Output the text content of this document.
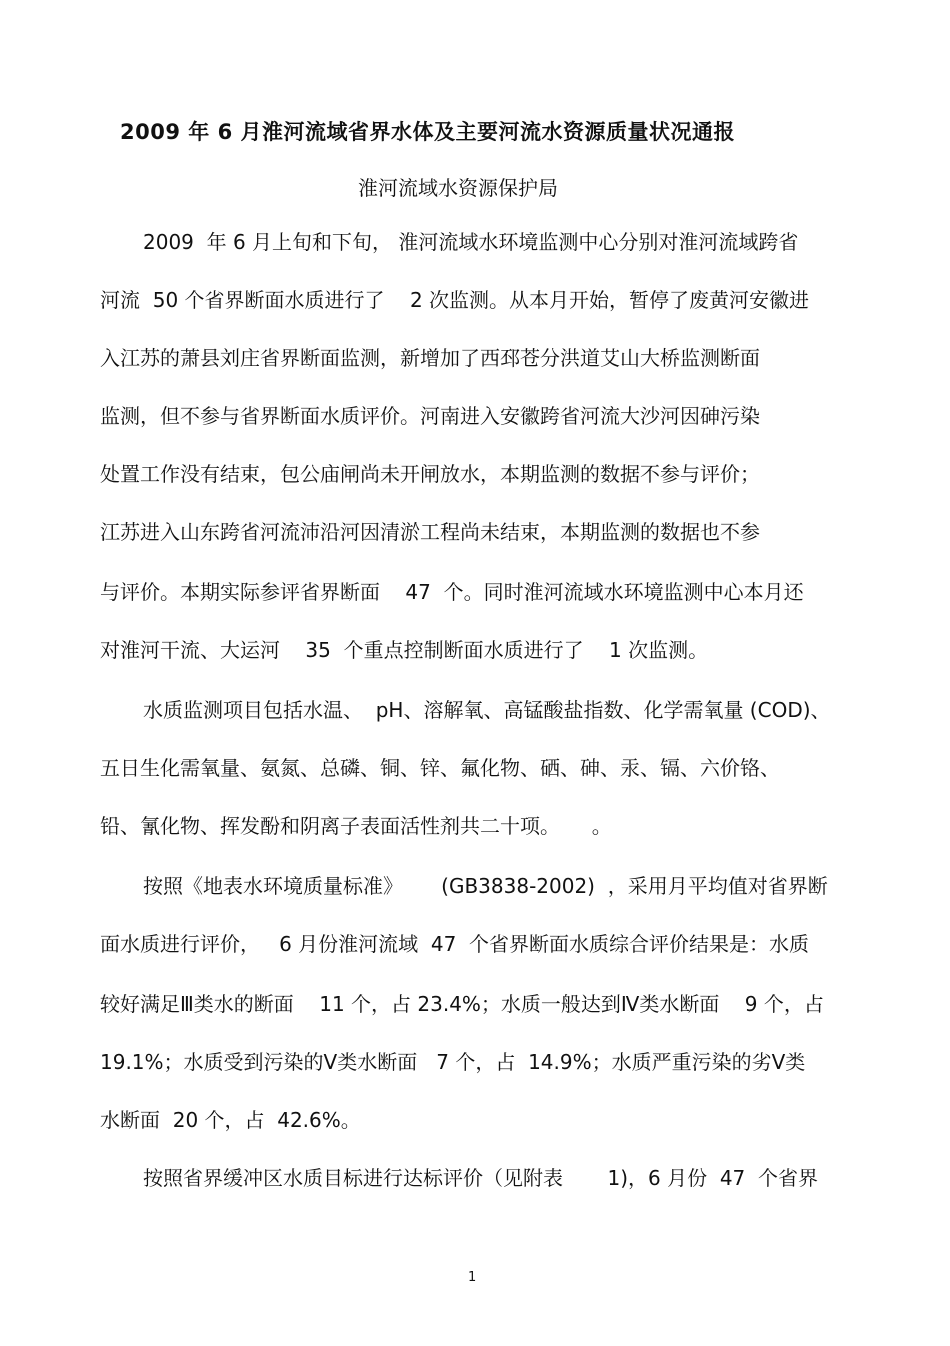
2009 年 6 月淮河流域省界水体及主要河流水资源质量状况通报
淮河流域水资源保护局
2009  年 6 月上旬和下旬， 淮河流域水环境监测中心分别对淮河流域跨省
河流  50 个省界断面水质进行了    2 次监测。从本月开始，暂停了废黄河安徽进
入江苏的萧县刘庄省界断面监测，新增加了西邳苍分洪道艾山大桥监测断面
监测，但不参与省界断面水质评价。河南进入安徽跨省河流大沙河因砷污染
处置工作没有结束，包公庙闸尚未开闸放水，本期监测的数据不参与评价；
江苏进入山东跨省河流沛沿河因清淤工程尚未结束，本期监测的数据也不参
与评价。本期实际参评省界断面    47  个。同时淮河流域水环境监测中心本月还
对淮河干流、大运河    35  个重点控制断面水质进行了    1 次监测。
水质监测项目包括水温、  pH、溶解氧、高锰酸盐指数、化学需氧量 (COD)、
五日生化需氧量、氨氮、总磷、铜、锌、氟化物、硒、砷、汞、镉、六价铬、
铅、氰化物、挥发酚和阴离子表面活性剂共二十项。     。
按照《地表水环境质量标准》      (GB3838-2002)  ，采用月平均值对省界断
面水质进行评价，   6 月份淮河流域  47  个省界断面水质综合评价结果是：水质
较好满足Ⅲ类水的断面    11 个，占 23.4%；水质一般达到Ⅳ类水断面    9 个，占
19.1%；水质受到污染的Ⅴ类水断面   7 个，占  14.9%；水质严重污染的劣Ⅴ类
水断面  20 个，占  42.6%。
按照省界缓冲区水质目标进行达标评价（见附表       1)，6 月份  47  个省界
1
